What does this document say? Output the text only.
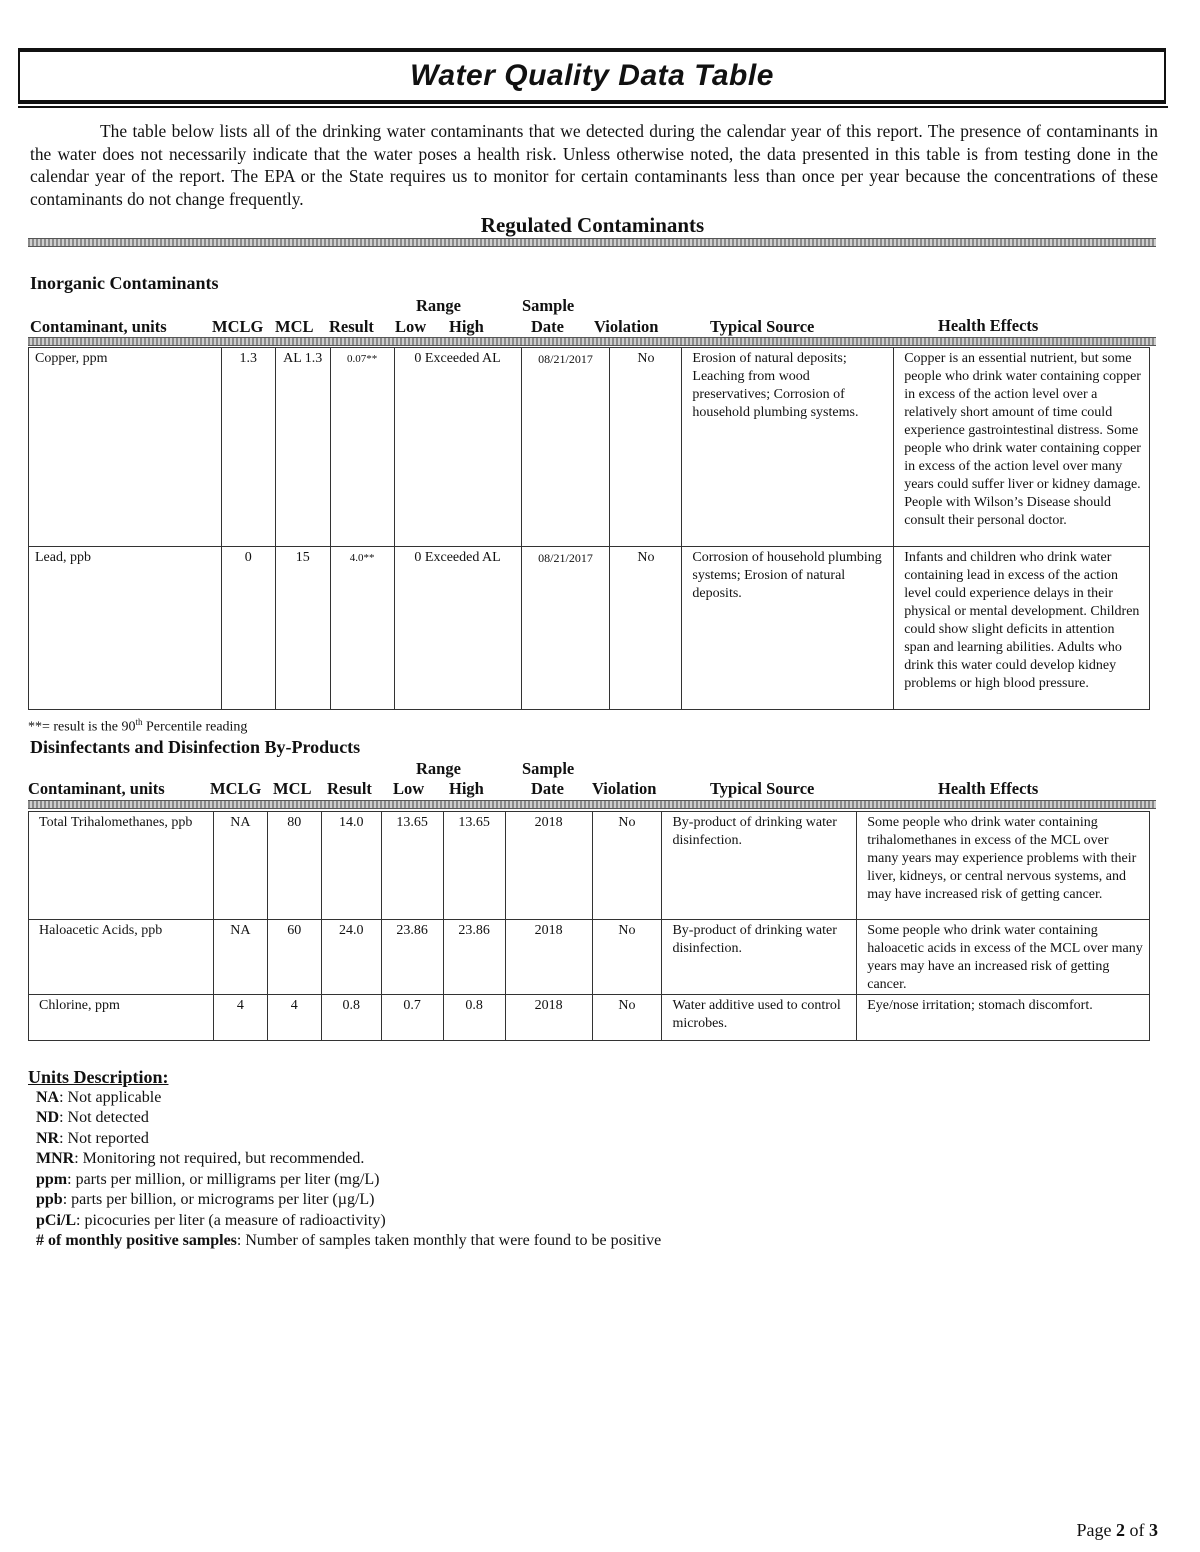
Water Quality Data Table

The table below lists all of the drinking water contaminants that we detected during the calendar year of this report. The presence of contaminants in the water does not necessarily indicate that the water poses a health risk. Unless otherwise noted, the data presented in this table is from testing done in the calendar year of the report. The EPA or the State requires us to monitor for certain contaminants less than once per year because the concentrations of these contaminants do not change frequently.

Regulated Contaminants
Inorganic Contaminants
Range	Sample
Contaminant, units	MCLG MCL Result Low High	Date Violation	Typical Source	Health Effects
Copper, ppm	1.3	AL 1.3	0.07**	0 Exceeded AL	08/21/2017	No	Erosion of natural deposits; Leaching from wood preservatives; Corrosion of household plumbing systems.	Copper is an essential nutrient, but some people who drink water containing copper in excess of the action level over a relatively short amount of time could experience gastrointestinal distress. Some people who drink water containing copper in excess of the action level over many years could suffer liver or kidney damage. People with Wilson’s Disease should consult their personal doctor.
Lead, ppb	0	15	4.0**	0 Exceeded AL	08/21/2017	No	Corrosion of household plumbing systems; Erosion of natural deposits.	Infants and children who drink water containing lead in excess of the action level could experience delays in their physical or mental development. Children could show slight deficits in attention span and learning abilities. Adults who drink this water could develop kidney problems or high blood pressure.
**= result is the 90th Percentile reading
Disinfectants and Disinfection By-Products
Range	Sample
Contaminant, units	MCLG MCL Result Low High	Date Violation	Typical Source	Health Effects
Total Trihalomethanes, ppb	NA	80	14.0	13.65	13.65	2018	No	By-product of drinking water disinfection.	Some people who drink water containing trihalomethanes in excess of the MCL over many years may experience problems with their liver, kidneys, or central nervous systems, and may have increased risk of getting cancer.
Haloacetic Acids, ppb	NA	60	24.0	23.86	23.86	2018	No	By-product of drinking water disinfection.	Some people who drink water containing haloacetic acids in excess of the MCL over many years may have an increased risk of getting cancer.
Chlorine, ppm	4	4	0.8	0.7	0.8	2018	No	Water additive used to control microbes.	Eye/nose irritation; stomach discomfort.
Units Description:
NA: Not applicable
ND: Not detected
NR: Not reported
MNR: Monitoring not required, but recommended.
ppm: parts per million, or milligrams per liter (mg/L)
ppb: parts per billion, or micrograms per liter (µg/L)
pCi/L: picocuries per liter (a measure of radioactivity)
# of monthly positive samples: Number of samples taken monthly that were found to be positive
Page 2 of 3
